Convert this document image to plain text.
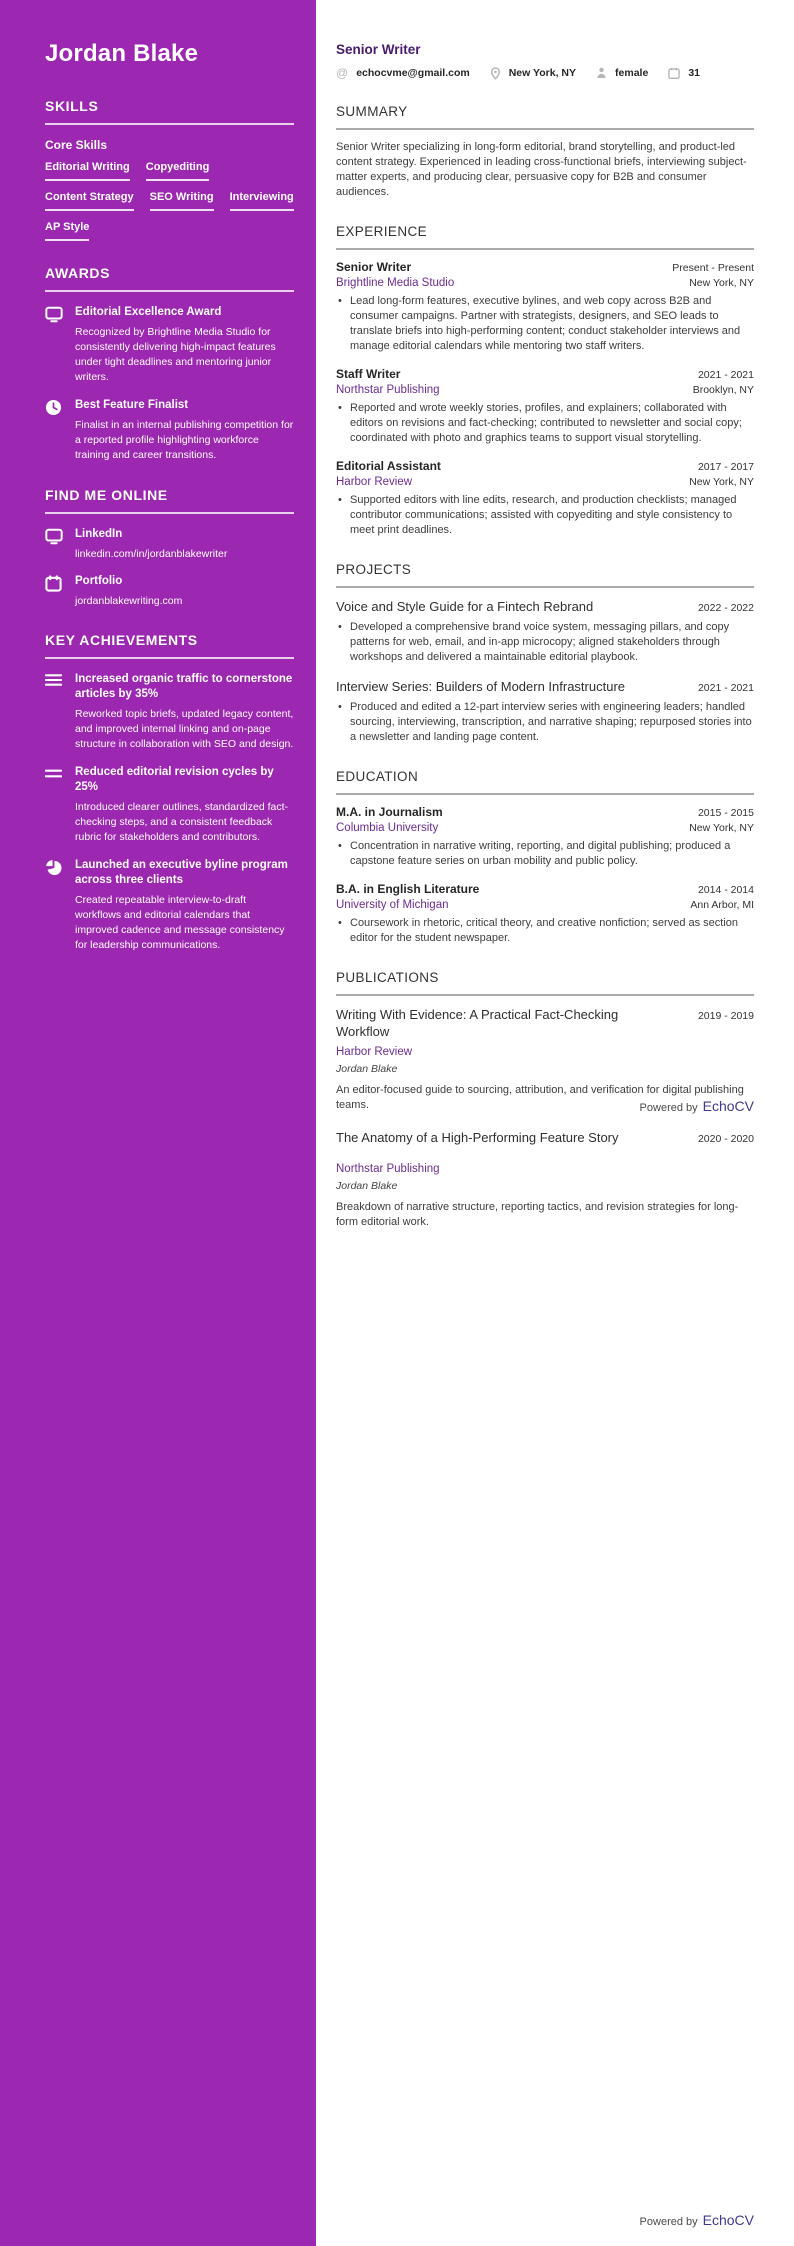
Jordan Blake
SKILLS
Core Skills
Editorial Writing Copyediting
Content Strategy SEO Writing Interviewing
AP Style
AWARDS
Editorial Excellence Award
Recognized by Brightline Media Studio for consistently delivering high-impact features under tight deadlines and mentoring junior writers.
Best Feature Finalist
Finalist in an internal publishing competition for a reported profile highlighting workforce training and career transitions.
FIND ME ONLINE
LinkedIn
linkedin.com/in/jordanblakewriter
Portfolio
jordanblakewriting.com
KEY ACHIEVEMENTS
Increased organic traffic to cornerstone articles by 35%
Reworked topic briefs, updated legacy content, and improved internal linking and on-page structure in collaboration with SEO and design.
Reduced editorial revision cycles by 25%
Introduced clearer outlines, standardized fact-checking steps, and a consistent feedback rubric for stakeholders and contributors.
Launched an executive byline program across three clients
Created repeatable interview-to-draft workflows and editorial calendars that improved cadence and message consistency for leadership communications.
Senior Writer
@ echocvme@gmail.com	New York, NY	female	31
SUMMARY
Senior Writer specializing in long-form editorial, brand storytelling, and product-led content strategy. Experienced in leading cross-functional briefs, interviewing subject-matter experts, and producing clear, persuasive copy for B2B and consumer audiences.
EXPERIENCE
Senior Writer	Present - Present
Brightline Media Studio	New York, NY
• Lead long-form features, executive bylines, and web copy across B2B and consumer campaigns. Partner with strategists, designers, and SEO leads to translate briefs into high-performing content; conduct stakeholder interviews and manage editorial calendars while mentoring two staff writers.
Staff Writer	2021 - 2021
Northstar Publishing	Brooklyn, NY
• Reported and wrote weekly stories, profiles, and explainers; collaborated with editors on revisions and fact-checking; contributed to newsletter and social copy; coordinated with photo and graphics teams to support visual storytelling.
Editorial Assistant	2017 - 2017
Harbor Review	New York, NY
• Supported editors with line edits, research, and production checklists; managed contributor communications; assisted with copyediting and style consistency to meet print deadlines.
PROJECTS
Voice and Style Guide for a Fintech Rebrand	2022 - 2022
• Developed a comprehensive brand voice system, messaging pillars, and copy patterns for web, email, and in-app microcopy; aligned stakeholders through workshops and delivered a maintainable editorial playbook.
Interview Series: Builders of Modern Infrastructure	2021 - 2021
• Produced and edited a 12-part interview series with engineering leaders; handled sourcing, interviewing, transcription, and narrative shaping; repurposed stories into a newsletter and landing page content.
EDUCATION
M.A. in Journalism	2015 - 2015
Columbia University	New York, NY
• Concentration in narrative writing, reporting, and digital publishing; produced a capstone feature series on urban mobility and public policy.
B.A. in English Literature	2014 - 2014
University of Michigan	Ann Arbor, MI
• Coursework in rhetoric, critical theory, and creative nonfiction; served as section editor for the student newspaper.
PUBLICATIONS
Writing With Evidence: A Practical Fact-Checking Workflow
2019 - 2019
Harbor Review
Jordan Blake
An editor-focused guide to sourcing, attribution, and verification for digital publishing teams.
The Anatomy of a High-Performing Feature Story	2020 - 2020
Powered by EchoCV
Northstar Publishing
Jordan Blake
Breakdown of narrative structure, reporting tactics, and revision strategies for long-form editorial work.
Powered by EchoCV
